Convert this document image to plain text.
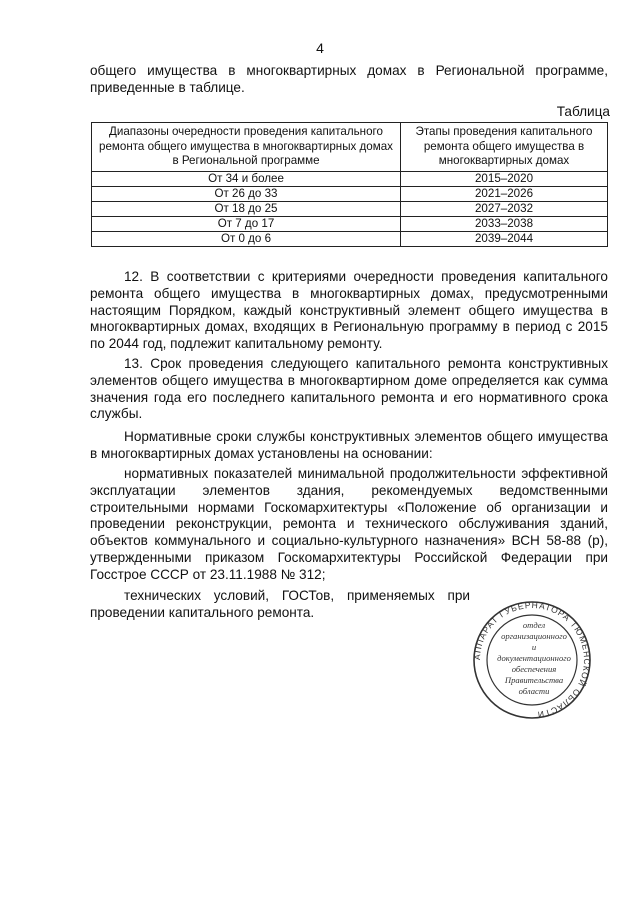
4
общего имущества в многоквартирных домах в Региональной программе, приведенные в таблице.
Таблица
Диапазоны очередности проведения капитального ремонта общего имущества в многоквартирных домах в Региональной программе	Этапы проведения капитального ремонта общего имущества в многоквартирных домах
От 34 и более	2015–2020
От 26 до 33	2021–2026
От 18 до 25	2027–2032
От 7 до 17	2033–2038
От 0 до 6	2039–2044
12. В соответствии с критериями очередности проведения капитального ремонта общего имущества в многоквартирных домах, предусмотренными настоящим Порядком, каждый конструктивный элемент общего имущества в многоквартирных домах, входящих в Региональную программу в период с 2015 по 2044 год, подлежит капитальному ремонту.
13. Срок проведения следующего капитального ремонта конструктивных элементов общего имущества в многоквартирном доме определяется как сумма значения года его последнего капитального ремонта и его нормативного срока службы.
Нормативные сроки службы конструктивных элементов общего имущества в многоквартирных домах установлены на основании:
нормативных показателей минимальной продолжительности эффективной эксплуатации элементов здания, рекомендуемых ведомственными строительными нормами Госкомархитектуры «Положение об организации и проведении реконструкции, ремонта и технического обслуживания зданий, объектов коммунального и социально-культурного назначения» ВСН 58-88 (р), утвержденными приказом Госкомархитектуры Российской Федерации при Госстрое СССР от 23.11.1988 № 312;
технических условий, ГОСТов, применяемых при проведении капитального ремонта.
АППАРАТ ГУБЕРНАТОРА ТЮМЕНСКОЙ ОБЛАСТИ
отдел
организационного
и
документационного
обеспечения
Правительства
области
